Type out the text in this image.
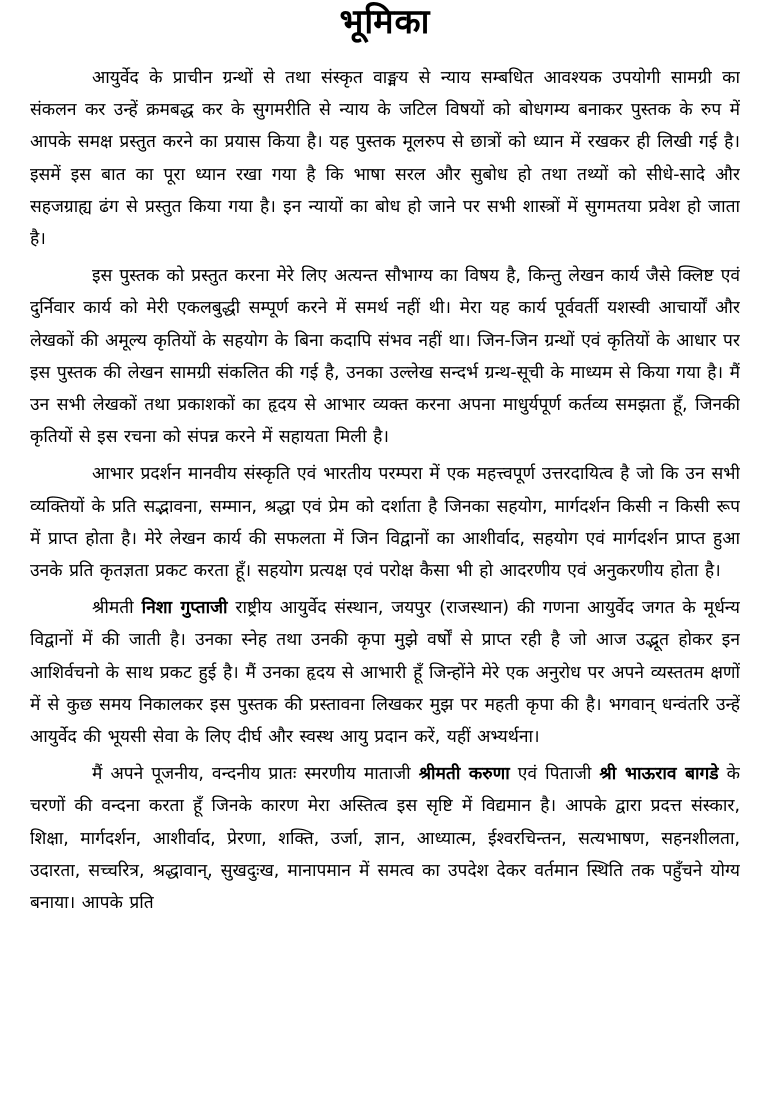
भूमिका

आयुर्वेद के प्राचीन ग्रन्थों से तथा संस्कृत वाङ्मय से न्याय सम्बधित आवश्यक उपयोगी सामग्री का संकलन कर उन्हें क्रमबद्ध कर के सुगमरीति से न्याय के जटिल विषयों को बोधगम्य बनाकर पुस्तक के रुप में आपके समक्ष प्रस्तुत करने का प्रयास किया है। यह पुस्तक मूलरुप से छात्रों को ध्यान में रखकर ही लिखी गई है। इसमें इस बात का पूरा ध्यान रखा गया है कि भाषा सरल और सुबोध हो तथा तथ्यों को सीधे-सादे और सहजग्राह्य ढंग से प्रस्तुत किया गया है। इन न्यायों का बोध हो जाने पर सभी शास्त्रों में सुगमतया प्रवेश हो जाता है।

इस पुस्तक को प्रस्तुत करना मेरे लिए अत्यन्त सौभाग्य का विषय है, किन्तु लेखन कार्य जैसे क्लिष्ट एवं दुर्निवार कार्य को मेरी एकलबुद्धी सम्पूर्ण करने में समर्थ नहीं थी। मेरा यह कार्य पूर्ववर्ती यशस्वी आचार्यों और लेखकों की अमूल्य कृतियों के सहयोग के बिना कदापि संभव नहीं था। जिन-जिन ग्रन्थों एवं कृतियों के आधार पर इस पुस्तक की लेखन सामग्री संकलित की गई है, उनका उल्लेख सन्दर्भ ग्रन्थ-सूची के माध्यम से किया गया है। मैं उन सभी लेखकों तथा प्रकाशकों का हृदय से आभार व्यक्त करना अपना माधुर्यपूर्ण कर्तव्य समझता हूँ, जिनकी कृतियों से इस रचना को संपन्न करने में सहायता मिली है।

आभार प्रदर्शन मानवीय संस्कृति एवं भारतीय परम्परा में एक महत्त्वपूर्ण उत्तरदायित्व है जो कि उन सभी व्यक्तियों के प्रति सद्भावना, सम्मान, श्रद्धा एवं प्रेम को दर्शाता है जिनका सहयोग, मार्गदर्शन किसी न किसी रूप में प्राप्त होता है। मेरे लेखन कार्य की सफलता में जिन विद्वानों का आशीर्वाद, सहयोग एवं मार्गदर्शन प्राप्त हुआ उनके प्रति कृतज्ञता प्रकट करता हूँ। सहयोग प्रत्यक्ष एवं परोक्ष कैसा भी हो आदरणीय एवं अनुकरणीय होता है।

श्रीमती निशा गुप्ताजी राष्ट्रीय आयुर्वेद संस्थान, जयपुर (राजस्थान) की गणना आयुर्वेद जगत के मूर्धन्य विद्वानों में की जाती है। उनका स्नेह तथा उनकी कृपा मुझे वर्षों से प्राप्त रही है जो आज उद्भूत होकर इन आशिर्वचनो के साथ प्रकट हुई है। मैं उनका हृदय से आभारी हूँ जिन्होंने मेरे एक अनुरोध पर अपने व्यस्ततम क्षणों में से कुछ समय निकालकर इस पुस्तक की प्रस्तावना लिखकर मुझ पर महती कृपा की है। भगवान् धन्वंतरि उन्हें आयुर्वेद की भूयसी सेवा के लिए दीर्घ और स्वस्थ आयु प्रदान करें, यहीं अभ्यर्थना।

मैं अपने पूजनीय, वन्दनीय प्रातः स्मरणीय माताजी श्रीमती करुणा एवं पिताजी श्री भाऊराव बागडे के चरणों की वन्दना करता हूँ जिनके कारण मेरा अस्तित्व इस सृष्टि में विद्यमान है। आपके द्वारा प्रदत्त संस्कार, शिक्षा, मार्गदर्शन, आशीर्वाद, प्रेरणा, शक्ति, उर्जा, ज्ञान, आध्यात्म, ईश्वरचिन्तन, सत्यभाषण, सहनशीलता, उदारता, सच्चरित्र, श्रद्धावान्, सुखदुःख, मानापमान में समत्व का उपदेश देकर वर्तमान स्थिति तक पहुँचने योग्य बनाया। आपके प्रति
